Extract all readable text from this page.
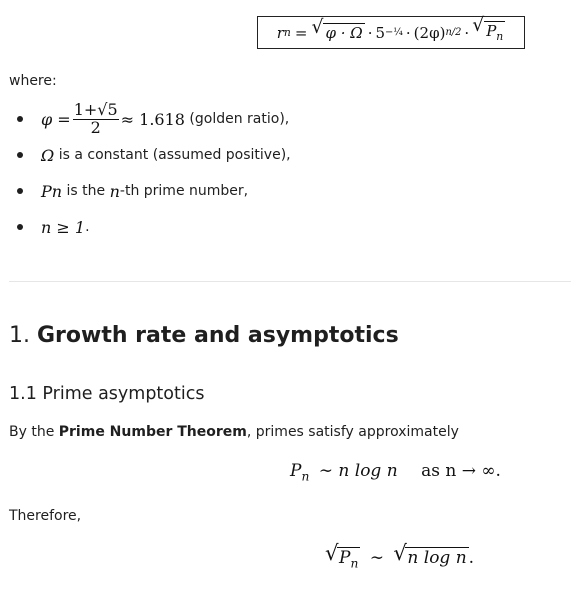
r n = √ φ · Ω · 5 −¼ · (2φ) n/2 · √ $P_n$
where:
$\varphi = \frac{1+√5}{2} \approx 1.618$ (golden ratio),
Ω is a constant (assumed positive),
P n is the n -th prime number,
n ≥ 1 .
1. Growth rate and asymptotics
1.1 Prime asymptotics
By the Prime Number Theorem, primes satisfy approximately
$P_n$ ∼ n log n as n → ∞.
Therefore,
√ $P_n$ ∼ √ n log n .
